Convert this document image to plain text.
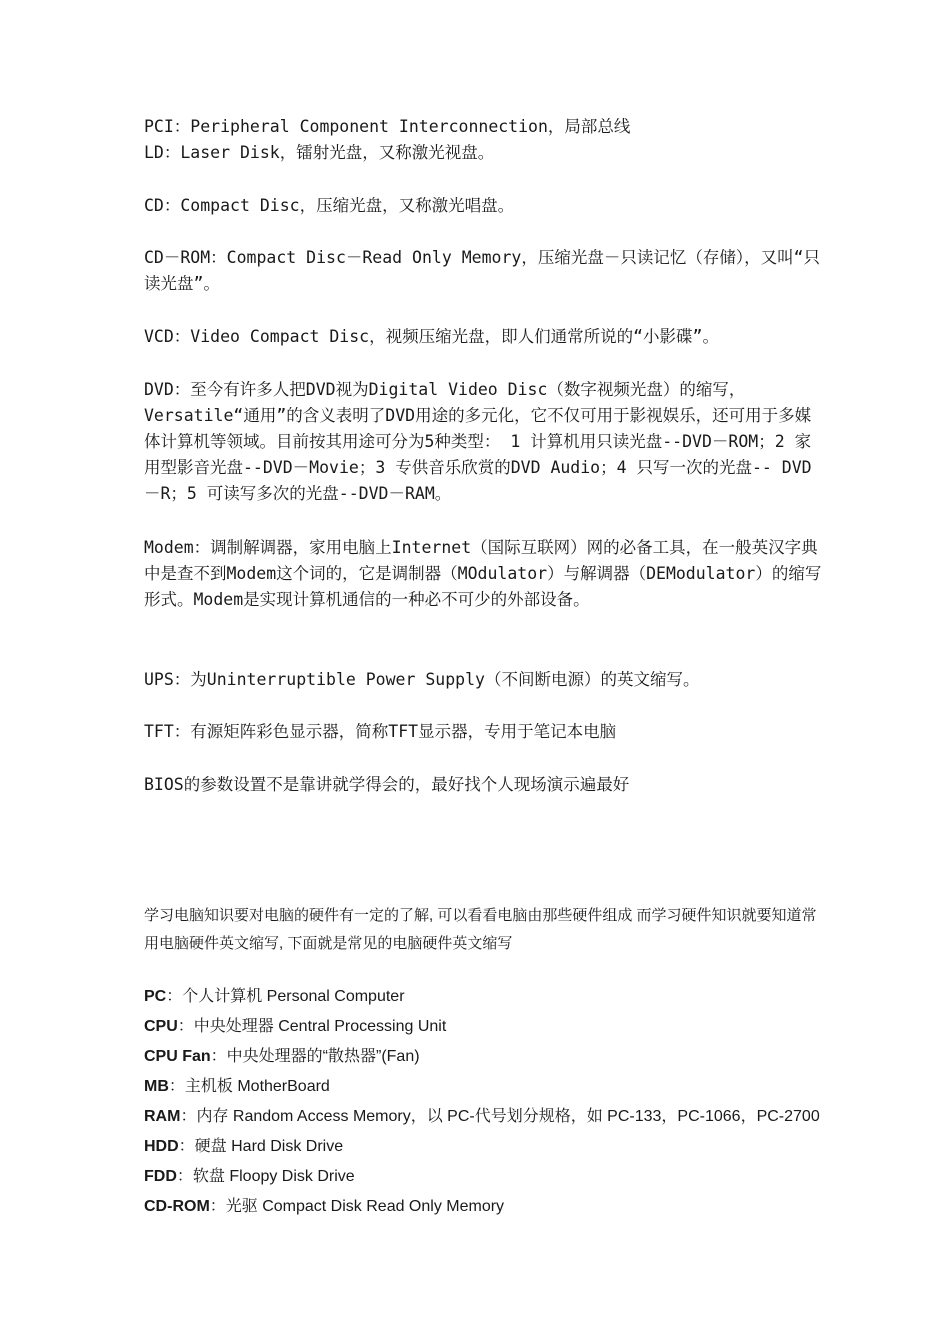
PCI：Peripheral Component Interconnection，局部总线
LD：Laser Disk，镭射光盘，又称激光视盘。
CD：Compact Disc，压缩光盘，又称激光唱盘。
CD－ROM：Compact Disc－Read Only Memory，压缩光盘－只读记忆（存储），又叫“只读光盘”。
VCD：Video Compact Disc，视频压缩光盘，即人们通常所说的“小影碟”。
DVD：至今有许多人把DVD视为Digital Video Disc（数字视频光盘）的缩写，Versatile“通用”的含义表明了DVD用途的多元化，它不仅可用于影视娱乐，还可用于多媒体计算机等领域。目前按其用途可分为5种类型： 1 计算机用只读光盘--DVD－ROM；2 家用型影音光盘--DVD－Movie；3 专供音乐欣赏的DVD Audio；4 只写一次的光盘-- DVD－R；5 可读写多次的光盘--DVD－RAM。
Modem：调制解调器，家用电脑上Internet（国际互联网）网的必备工具，在一般英汉字典中是查不到Modem这个词的，它是调制器（MOdulator）与解调器（DEModulator）的缩写形式。Modem是实现计算机通信的一种必不可少的外部设备。
UPS：为Uninterruptible Power Supply（不间断电源）的英文缩写。
TFT：有源矩阵彩色显示器，简称TFT显示器，专用于笔记本电脑
BIOS的参数设置不是靠讲就学得会的，最好找个人现场演示遍最好
学习电脑知识要对电脑的硬件有一定的了解, 可以看看电脑由那些硬件组成 而学习硬件知识就要知道常用电脑硬件英文缩写, 下面就是常见的电脑硬件英文缩写
PC：个人计算机 Personal Computer
CPU：中央处理器 Central Processing Unit
CPU Fan：中央处理器的“散热器”(Fan)
MB：主机板 MotherBoard
RAM：内存 Random Access Memory，以 PC-代号划分规格，如 PC-133，PC-1066，PC-2700
HDD：硬盘 Hard Disk Drive
FDD：软盘 Floopy Disk Drive
CD-ROM：光驱 Compact Disk Read Only Memory
